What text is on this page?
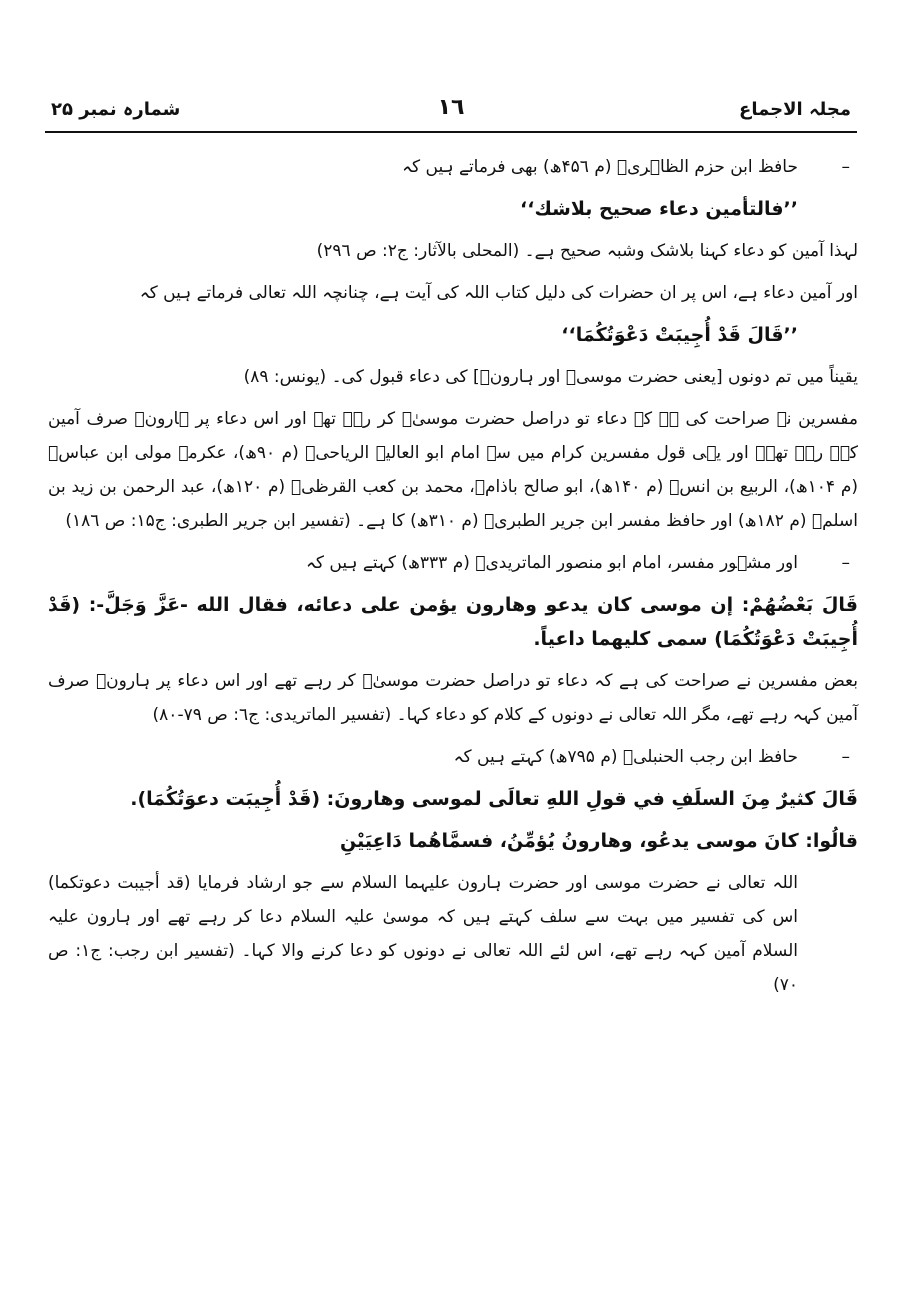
شمارہ نمبر ۲۵	١٦	مجلہ الاجماع

– حافظ ابن حزم الظاہریؒ (م ۴۵٦ھ) بھی فرماتے ہیں کہ

’’فالتأمين دعاء صحيح بلاشك‘‘

لہذا آمین کو دعاء کہنا بلاشک وشبہ صحیح ہے۔ (المحلی بالآثار: ج۲: ص ۲۹٦)

اور آمین دعاء ہے، اس پر ان حضرات کی دلیل کتاب اللہ کی آیت ہے، چنانچہ اللہ تعالی فرماتے ہیں کہ

’’قَالَ قَدْ أُجِيبَتْ دَعْوَتُكُمَا‘‘

یقیناً میں تم دونوں [یعنی حضرت موسیؑ اور ہارونؑ] کی دعاء قبول کی۔ (یونس: ۸۹)

مفسرین نے صراحت کی ہے کہ دعاء تو دراصل حضرت موسیٰؑ کر رہے تھے اور اس دعاء پر ہارونؑ صرف آمین کہہ رہے تھے۔ اور یہی قول مفسرین کرام میں سے امام ابو العالیۃ الریاحیؒ (م ۹۰ھ)، عکرمہ مولی ابن عباسؓ (م ۱۰۴ھ)، الربیع بن انسؒ (م ۱۴۰ھ)، ابو صالح باذامؒ، محمد بن کعب القرظیؒ (م ۱۲۰ھ)، عبد الرحمن بن زید بن اسلمؒ (م ۱۸۲ھ) اور حافظ مفسر ابن جریر الطبریؒ (م ۳۱۰ھ) کا ہے۔ (تفسیر ابن جریر الطبری: ج۱۵: ص ۱۸٦)

– اور مشہور مفسر، امام ابو منصور الماتریدیؒ (م ۳۳۳ھ) کہتے ہیں کہ

قَالَ بَعْضُهُمْ: إن موسى كان يدعو وهارون يؤمن على دعائه، فقال الله -عَزَّ وَجَلَّ-: (قَدْ أُجِيبَتْ دَعْوَتُكُمَا) سمى كليهما داعياً.

بعض مفسرین نے صراحت کی ہے کہ دعاء تو دراصل حضرت موسیٰؑ کر رہے تھے اور اس دعاء پر ہارونؑ صرف آمین کہہ رہے تھے، مگر اللہ تعالی نے دونوں کے کلام کو دعاء کہا۔ (تفسیر الماتریدی: ج٦: ص ۷۹-۸۰)

– حافظ ابن رجب الحنبلیؒ (م ۷۹۵ھ) کہتے ہیں کہ

قَالَ كثيرٌ مِنَ السلَفِ في قولِ اللهِ تعالَى لموسى وهارونَ: (قَدْ أُجِيبَت دعوَتُكُمَا).

قالُوا: كانَ موسى يدعُو، وهارونُ يُؤمِّنُ، فسمَّاهُما دَاعِيَيْنِ

اللہ تعالی نے حضرت موسی اور حضرت ہارون علیہما السلام سے جو ارشاد فرمایا (قد أجيبت دعوتكما) اس کی تفسیر میں بہت سے سلف کہتے ہیں کہ موسیٰ علیہ السلام دعا کر رہے تھے اور ہارون علیہ السلام آمین کہہ رہے تھے، اس لئے اللہ تعالی نے دونوں کو دعا کرنے والا کہا۔ (تفسیر ابن رجب: ج۱: ص ۷۰)
